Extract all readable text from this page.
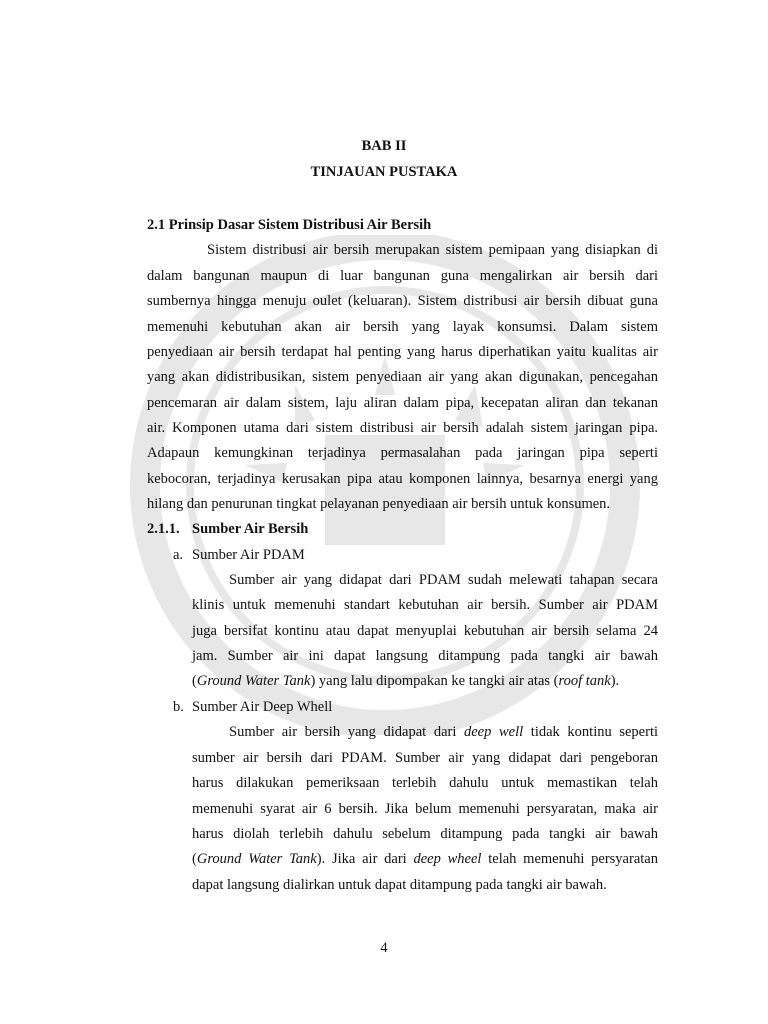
BAB II
TINJAUAN PUSTAKA
2.1 Prinsip Dasar Sistem Distribusi Air Bersih
Sistem distribusi air bersih merupakan sistem pemipaan yang disiapkan di
dalam bangunan maupun di luar bangunan guna mengalirkan air bersih dari
sumbernya hingga menuju oulet (keluaran). Sistem distribusi air bersih dibuat guna
memenuhi kebutuhan akan air bersih yang layak konsumsi. Dalam sistem
penyediaan air bersih terdapat hal penting yang harus diperhatikan yaitu kualitas air
yang akan didistribusikan, sistem penyediaan air yang akan digunakan, pencegahan
pencemaran air dalam sistem, laju aliran dalam pipa, kecepatan aliran dan tekanan
air. Komponen utama dari sistem distribusi air bersih adalah sistem jaringan pipa.
Adapaun kemungkinan terjadinya permasalahan pada jaringan pipa seperti
kebocoran, terjadinya kerusakan pipa atau komponen lainnya, besarnya energi yang
hilang dan penurunan tingkat pelayanan penyediaan air bersih untuk konsumen.
2.1.1. Sumber Air Bersih
a. Sumber Air PDAM
Sumber air yang didapat dari PDAM sudah melewati tahapan secara
klinis untuk memenuhi standart kebutuhan air bersih. Sumber air PDAM
juga bersifat kontinu atau dapat menyuplai kebutuhan air bersih selama 24
jam. Sumber air ini dapat langsung ditampung pada tangki air bawah
(Ground Water Tank) yang lalu dipompakan ke tangki air atas (roof tank).
b. Sumber Air Deep Whell
Sumber air bersih yang didapat dari deep well tidak kontinu seperti
sumber air bersih dari PDAM. Sumber air yang didapat dari pengeboran
harus dilakukan pemeriksaan terlebih dahulu untuk memastikan telah
memenuhi syarat air 6 bersih. Jika belum memenuhi persyaratan, maka air
harus diolah terlebih dahulu sebelum ditampung pada tangki air bawah
(Ground Water Tank). Jika air dari deep wheel telah memenuhi persyaratan
dapat langsung dialirkan untuk dapat ditampung pada tangki air bawah.
4
